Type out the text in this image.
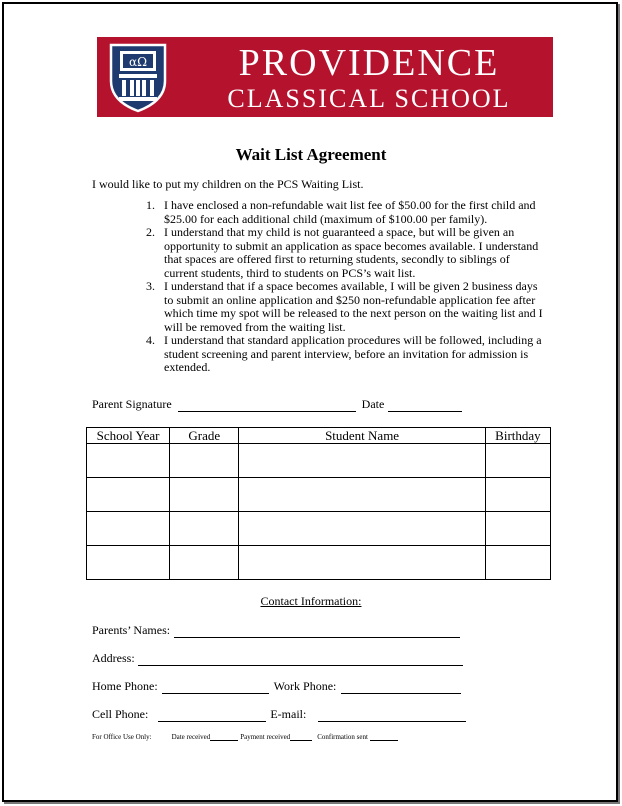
αΩ	PROVIDENCE
CLASSICAL SCHOOL
Wait List Agreement
I would like to put my children on the PCS Waiting List.
1. I have enclosed a non-refundable wait list fee of $50.00 for the first child and $25.00 for each additional child (maximum of $100.00 per family).
2. I understand that my child is not guaranteed a space, but will be given an opportunity to submit an application as space becomes available. I understand that spaces are offered first to returning students, secondly to siblings of current students, third to students on PCS’s wait list.
3. I understand that if a space becomes available, I will be given 2 business days to submit an online application and $250 non-refundable application fee after which time my spot will be released to the next person on the waiting list and I will be removed from the waiting list.
4. I understand that standard application procedures will be followed, including a student screening and parent interview, before an invitation for admission is extended.
Parent Signature	Date
School Year	Grade	Student Name	Birthday

Contact Information:
Parents’ Names:
Address:
Home Phone:	Work Phone:
Cell Phone:	E-mail:
For Office Use Only:	Date received	Payment received	Confirmation sent
